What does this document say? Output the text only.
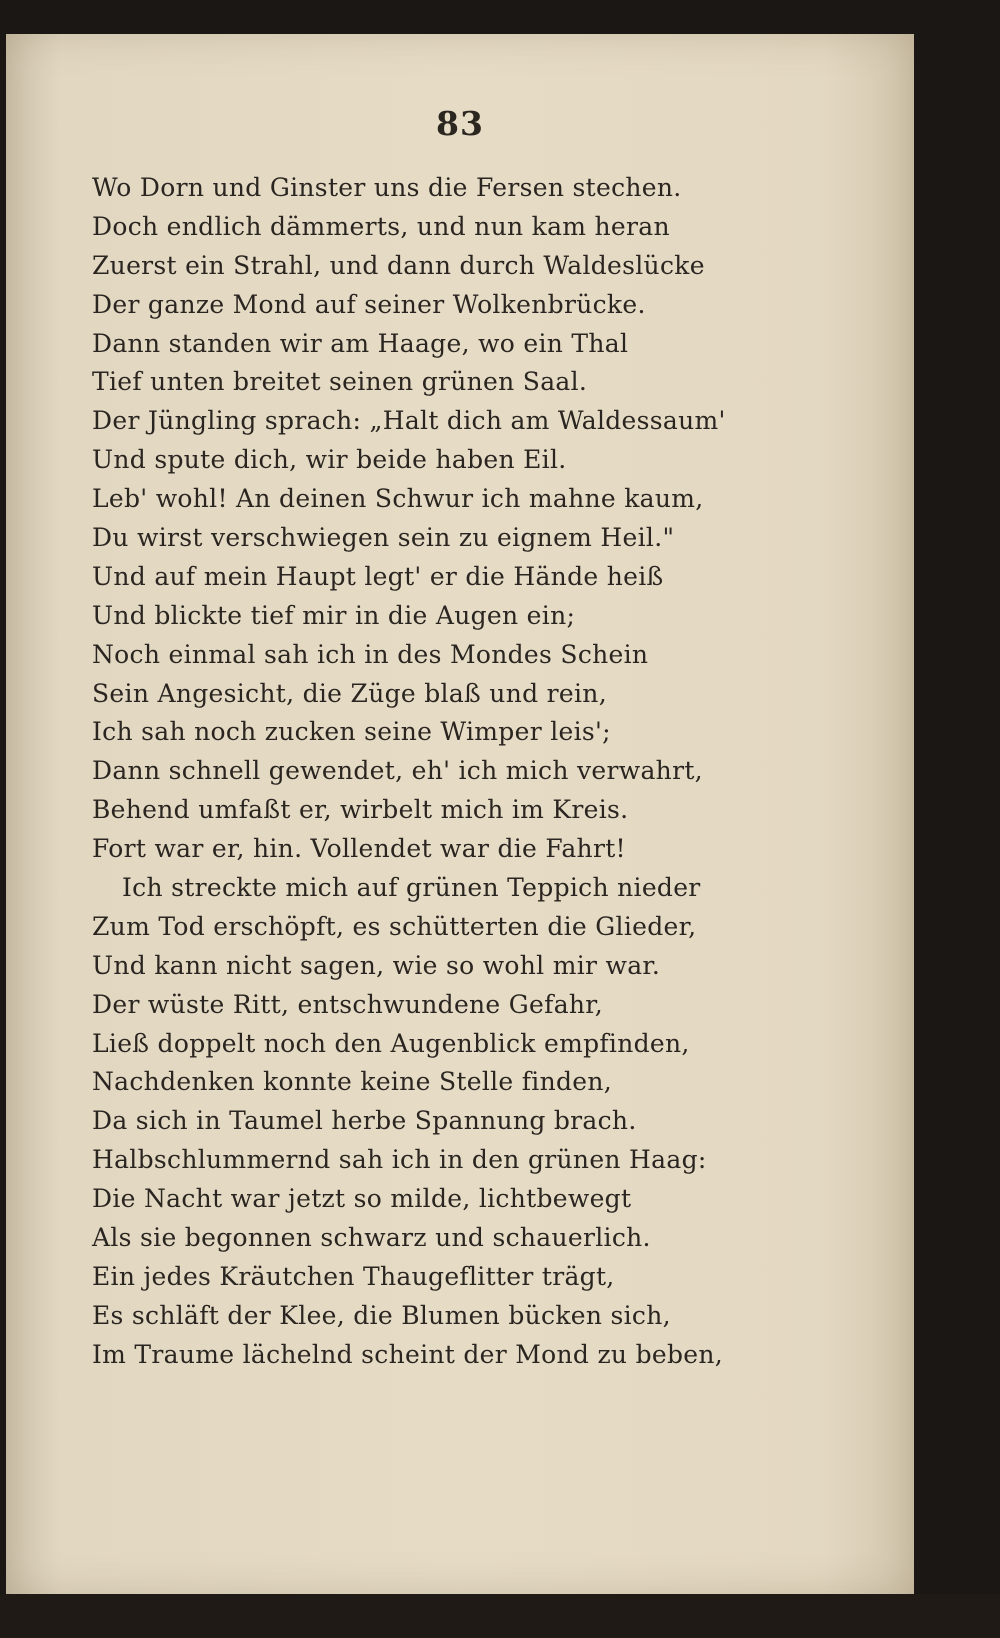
83
Wo Dorn und Ginster uns die Fersen stechen.
Doch endlich dämmerts, und nun kam heran
Zuerst ein Strahl, und dann durch Waldeslücke
Der ganze Mond auf seiner Wolkenbrücke.
Dann standen wir am Haage, wo ein Thal
Tief unten breitet seinen grünen Saal.
Der Jüngling sprach: „Halt dich am Waldessaum'
Und spute dich, wir beide haben Eil.
Leb' wohl! An deinen Schwur ich mahne kaum,
Du wirst verschwiegen sein zu eignem Heil."
Und auf mein Haupt legt' er die Hände heiß
Und blickte tief mir in die Augen ein;
Noch einmal sah ich in des Mondes Schein
Sein Angesicht, die Züge blaß und rein,
Ich sah noch zucken seine Wimper leis';
Dann schnell gewendet, eh' ich mich verwahrt,
Behend umfaßt er, wirbelt mich im Kreis.
Fort war er, hin. Vollendet war die Fahrt!
Ich streckte mich auf grünen Teppich nieder
Zum Tod erschöpft, es schütterten die Glieder,
Und kann nicht sagen, wie so wohl mir war.
Der wüste Ritt, entschwundene Gefahr,
Ließ doppelt noch den Augenblick empfinden,
Nachdenken konnte keine Stelle finden,
Da sich in Taumel herbe Spannung brach.
Halbschlummernd sah ich in den grünen Haag:
Die Nacht war jetzt so milde, lichtbewegt
Als sie begonnen schwarz und schauerlich.
Ein jedes Kräutchen Thaugeflitter trägt,
Es schläft der Klee, die Blumen bücken sich,
Im Traume lächelnd scheint der Mond zu beben,
